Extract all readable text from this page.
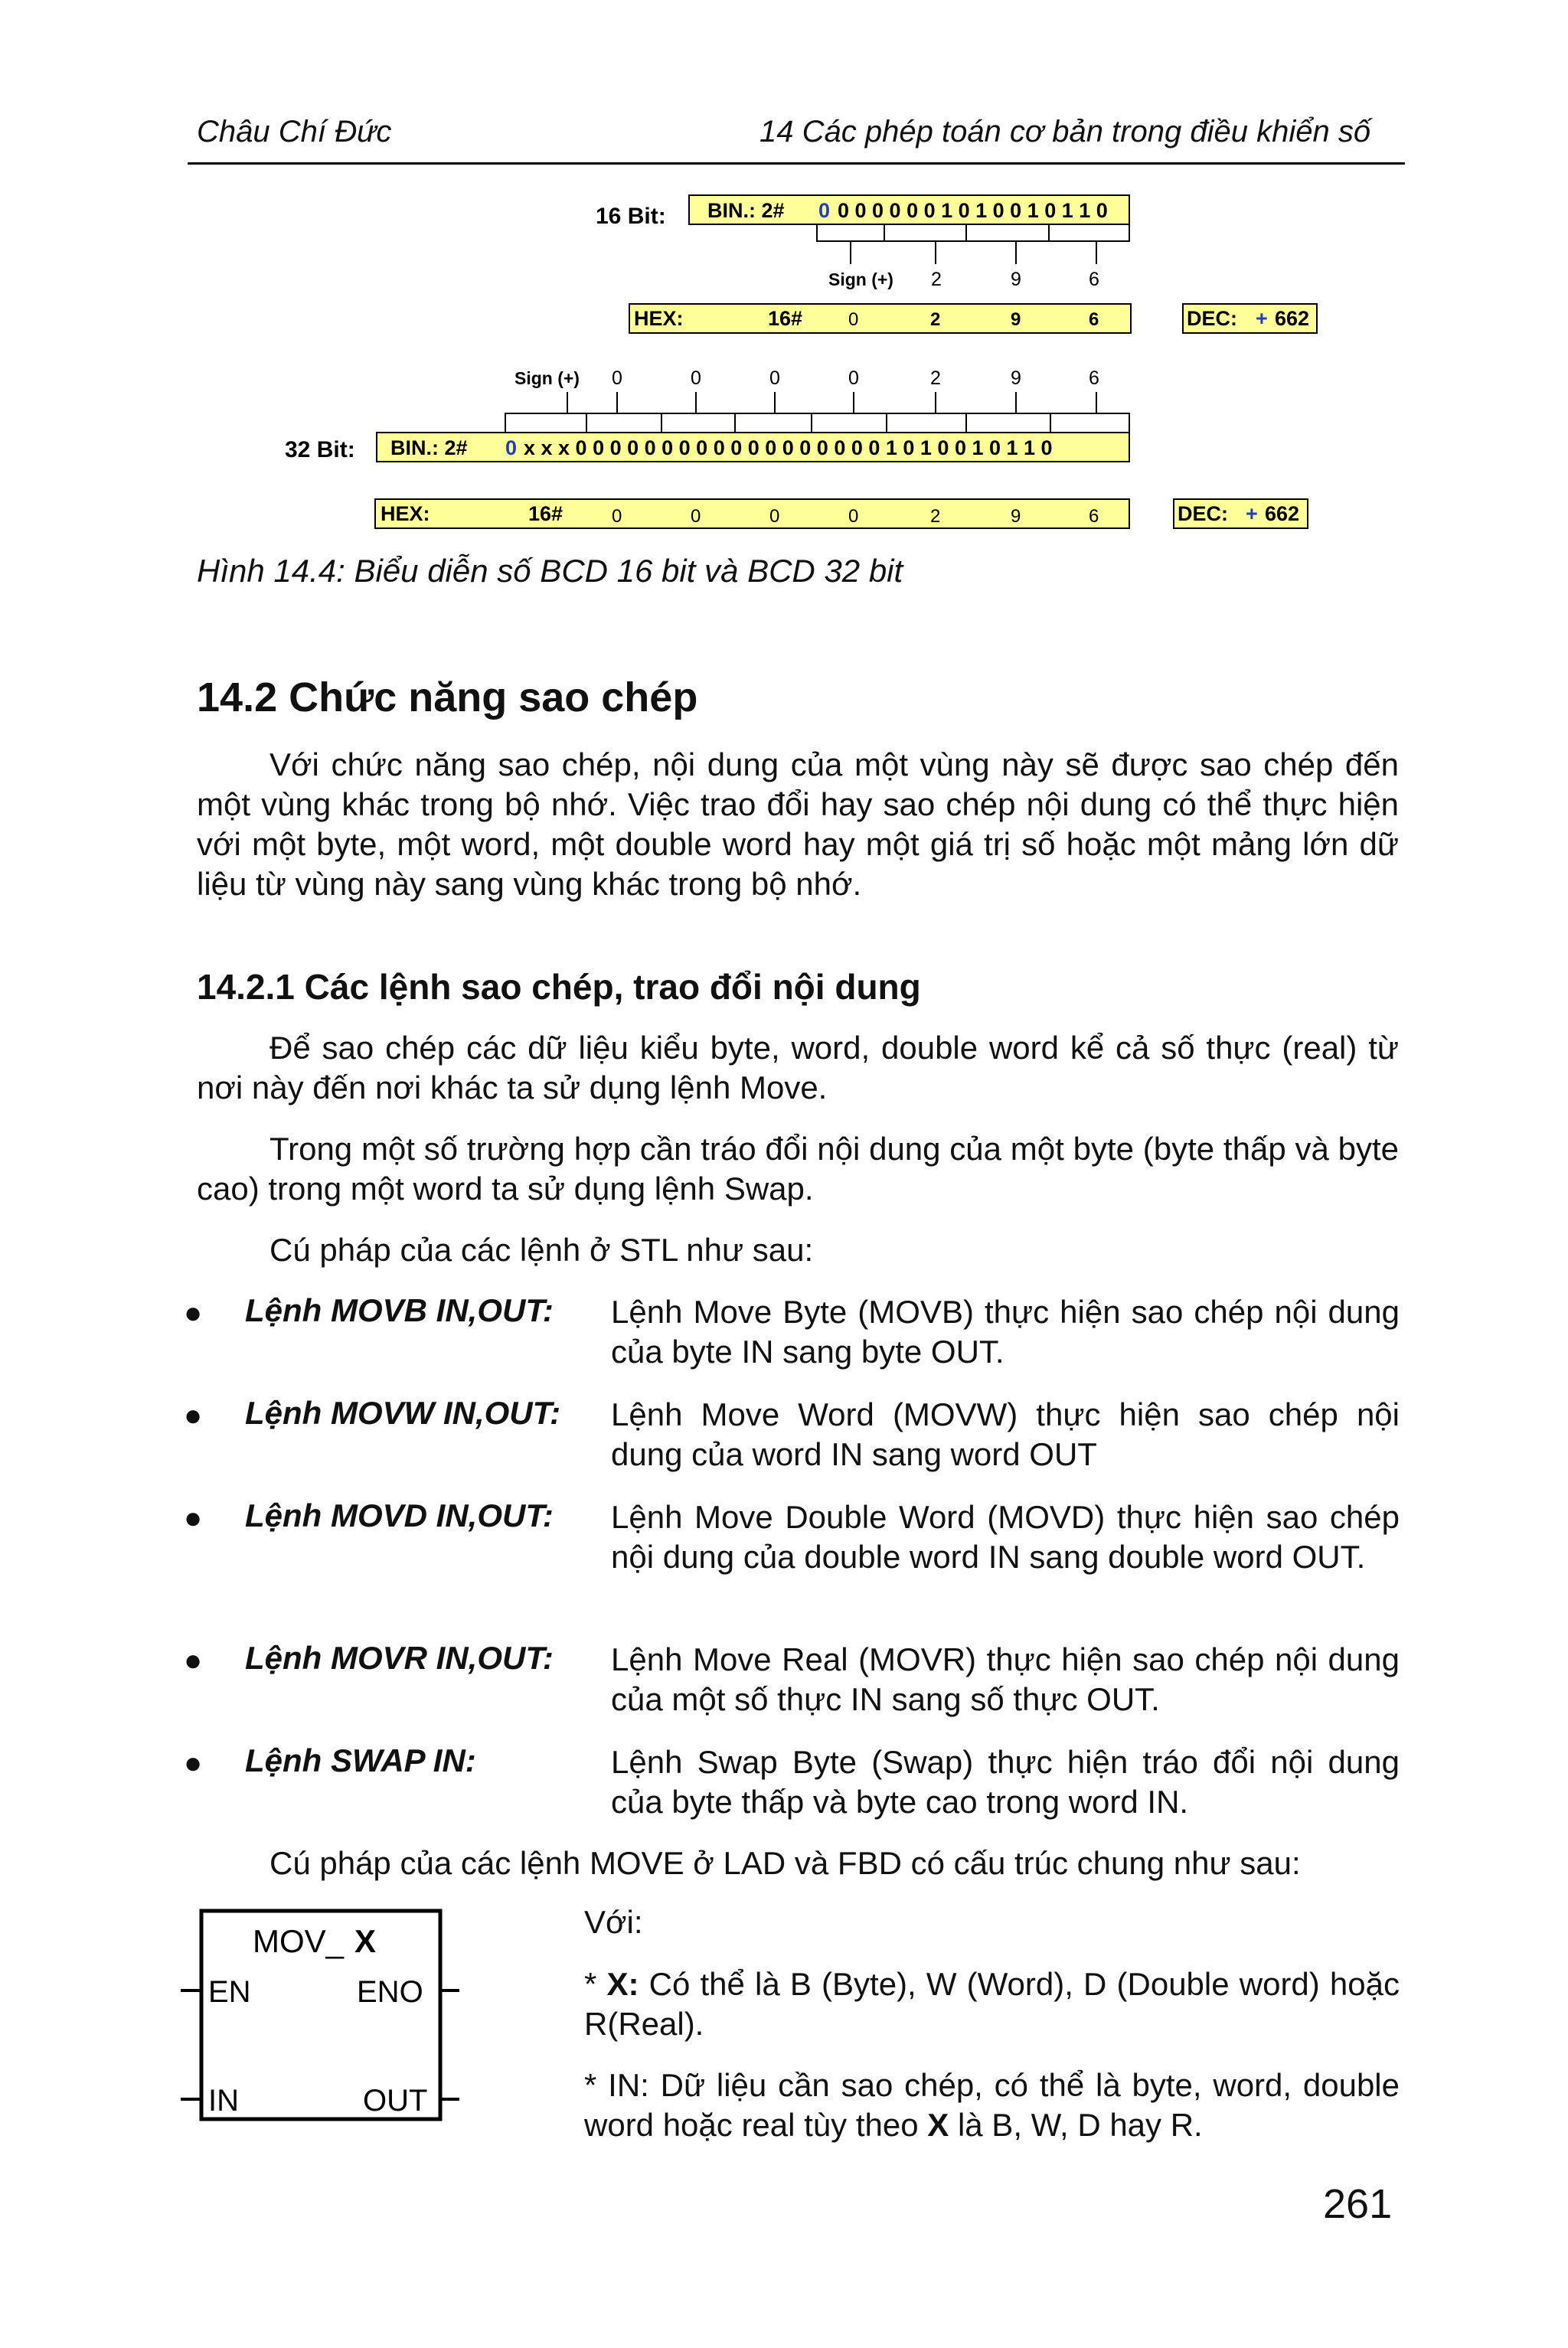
Châu Chí Đức	14 Các phép toán cơ bản trong điều khiển số
16 Bit: BIN.: 2# 0 0 0 0 0 0 0 1 0 1 0 0 1 0 1 1 0
Sign (+) 2	9	6
HEX:	16# 0	2	9	6	DEC: + 662
Sign (+) 0	0	0	0	2	9	6
32 Bit: BIN.: 2# 0 x x x 0 0 0 0 0 0 0 0 0 0 0 0 0 0 0 0 0 0 1 0 1 0 0 1 0 1 1 0
HEX:	16#	0	0	0	0	2	9	6	DEC: + 662
Hình 14.4: Biểu diễn số BCD 16 bit và BCD 32 bit
14.2 Chức năng sao chép

Với chức năng sao chép, nội dung của một vùng này sẽ được sao chép đến một vùng khác trong bộ nhớ. Việc trao đổi hay sao chép nội dung có thể thực hiện với một byte, một word, một double word hay một giá trị số hoặc một mảng lớn dữ liệu từ vùng này sang vùng khác trong bộ nhớ.

14.2.1 Các lệnh sao chép, trao đổi nội dung

Để sao chép các dữ liệu kiểu byte, word, double word kể cả số thực (real) từ nơi này đến nơi khác ta sử dụng lệnh Move.

Trong một số trường hợp cần tráo đổi nội dung của một byte (byte thấp và byte cao) trong một word ta sử dụng lệnh Swap.

Cú pháp của các lệnh ở STL như sau:

● Lệnh MOVB IN,OUT: Lệnh Move Byte (MOVB) thực hiện sao chép nội dung của byte IN sang byte OUT.

● Lệnh MOVW IN,OUT: Lệnh Move Word (MOVW) thực hiện sao chép nội dung của word IN sang word OUT

● Lệnh MOVD IN,OUT: Lệnh Move Double Word (MOVD) thực hiện sao chép nội dung của double word IN sang double word OUT.

● Lệnh MOVR IN,OUT: Lệnh Move Real (MOVR) thực hiện sao chép nội dung của một số thực IN sang số thực OUT.

● Lệnh SWAP IN:	Lệnh Swap Byte (Swap) thực hiện tráo đổi nội dung của byte thấp và byte cao trong word IN.

Cú pháp của các lệnh MOVE ở LAD và FBD có cấu trúc chung như sau:

MOV_ X
EN	ENO
IN	OUT

Với:

* X: Có thể là B (Byte), W (Word), D (Double word) hoặc R(Real).

* IN: Dữ liệu cần sao chép, có thể là byte, word, double word hoặc real tùy theo X là B, W, D hay R.

261
